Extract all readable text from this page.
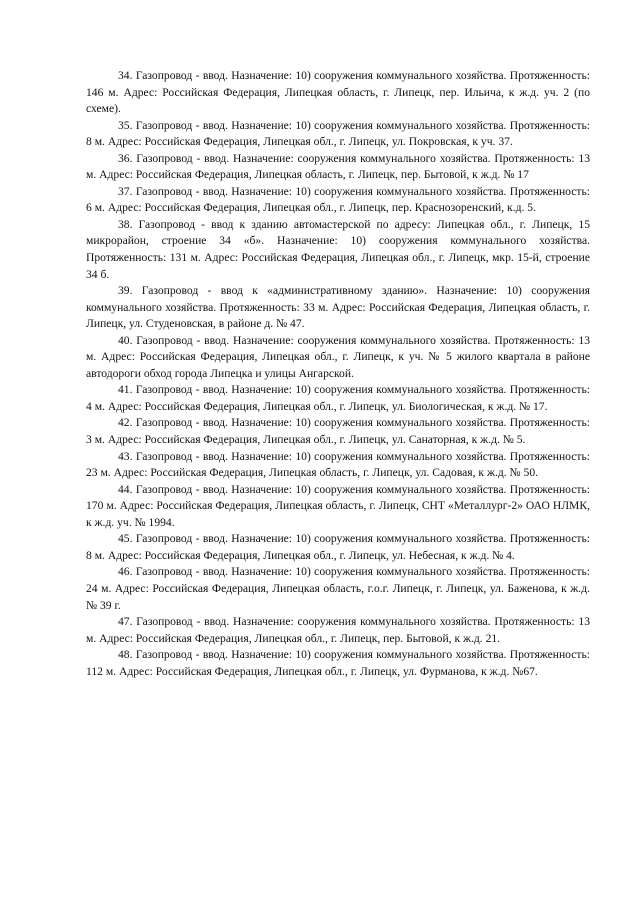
34. Газопровод - ввод. Назначение: 10) сооружения коммунального хозяйства. Протяженность: 146 м. Адрес: Российская Федерация, Липецкая область, г. Липецк, пер. Ильича, к ж.д. уч. 2 (по схеме).

35. Газопровод - ввод. Назначение: 10) сооружения коммунального хозяйства. Протяженность: 8 м. Адрес: Российская Федерация, Липецкая обл., г. Липецк, ул. Покровская, к уч. 37.

36. Газопровод - ввод. Назначение: сооружения коммунального хозяйства. Протяженность: 13 м. Адрес: Российская Федерация, Липецкая область, г. Липецк, пер. Бытовой, к ж.д. № 17

37. Газопровод - ввод. Назначение: 10) сооружения коммунального хозяйства. Протяженность: 6 м. Адрес: Российская Федерация, Липецкая обл., г. Липецк, пер. Краснозоренский, к.д. 5.

38. Газопровод - ввод к зданию автомастерской по адресу: Липецкая обл., г. Липецк, 15 микрорайон, строение 34 «б». Назначение: 10) сооружения коммунального хозяйства. Протяженность: 131 м. Адрес: Российская Федерация, Липецкая обл., г. Липецк, мкр. 15-й, строение 34 б.

39. Газопровод - ввод к «административному зданию». Назначение: 10) сооружения коммунального хозяйства. Протяженность: 33 м. Адрес: Российская Федерация, Липецкая область, г. Липецк, ул. Студеновская, в районе д. № 47.

40. Газопровод - ввод. Назначение: сооружения коммунального хозяйства. Протяженность: 13 м. Адрес: Российская Федерация, Липецкая обл., г. Липецк, к уч. № 5 жилого квартала в районе автодороги обход города Липецка и улицы Ангарской.

41. Газопровод - ввод. Назначение: 10) сооружения коммунального хозяйства. Протяженность: 4 м. Адрес: Российская Федерация, Липецкая обл., г. Липецк, ул. Биологическая, к ж.д. № 17.

42. Газопровод - ввод. Назначение: 10) сооружения коммунального хозяйства. Протяженность: 3 м. Адрес: Российская Федерация, Липецкая обл., г. Липецк, ул. Санаторная, к ж.д. № 5.

43. Газопровод - ввод. Назначение: 10) сооружения коммунального хозяйства. Протяженность: 23 м. Адрес: Российская Федерация, Липецкая область, г. Липецк, ул. Садовая, к ж.д. № 50.

44. Газопровод - ввод. Назначение: 10) сооружения коммунального хозяйства. Протяженность: 170 м. Адрес: Российская Федерация, Липецкая область, г. Липецк, СНТ «Металлург-2» ОАО НЛМК, к ж.д. уч. № 1994.

45. Газопровод - ввод. Назначение: 10) сооружения коммунального хозяйства. Протяженность: 8 м. Адрес: Российская Федерация, Липецкая обл., г. Липецк, ул. Небесная, к ж.д. № 4.

46. Газопровод - ввод. Назначение: 10) сооружения коммунального хозяйства. Протяженность: 24 м. Адрес: Российская Федерация, Липецкая область, г.о.г. Липецк, г. Липецк, ул. Баженова, к ж.д. № 39 г.

47. Газопровод - ввод. Назначение: сооружения коммунального хозяйства. Протяженность: 13 м. Адрес: Российская Федерация, Липецкая обл., г. Липецк, пер. Бытовой, к ж.д. 21.

48. Газопровод - ввод. Назначение: 10) сооружения коммунального хозяйства. Протяженность: 112 м. Адрес: Российская Федерация, Липецкая обл., г. Липецк, ул. Фурманова, к ж.д. №67.
